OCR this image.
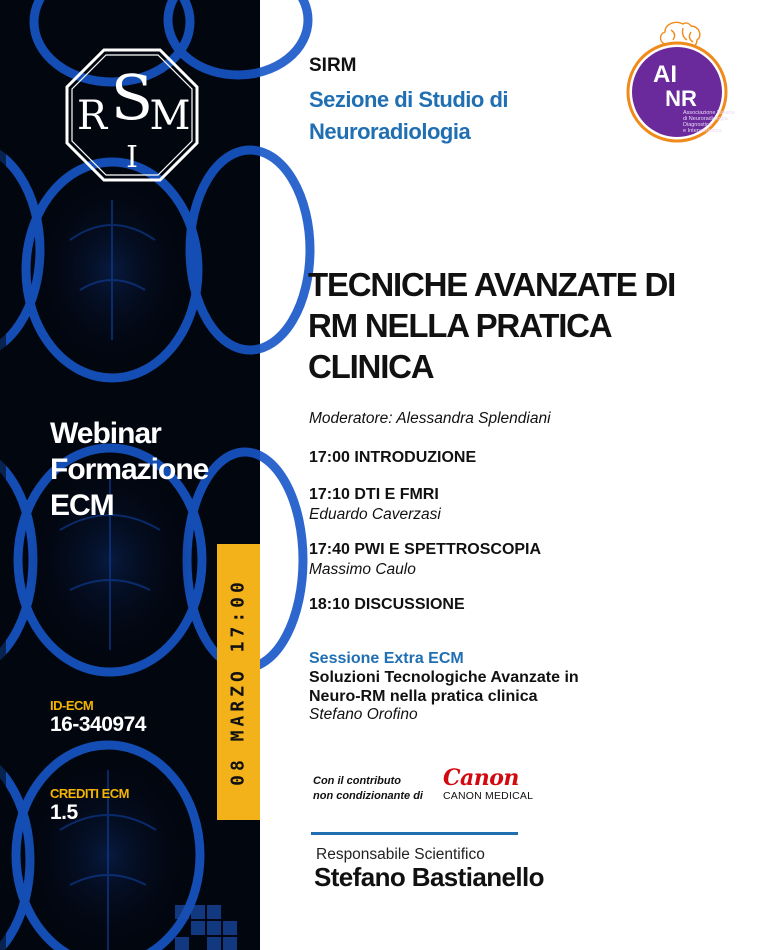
R S
I
M
Webinar
Formazione
ECM
ID-ECM
16-340974
CREDITI ECM
1.5
08 MARZO 17:00
SIRM
Sezione di Studio di
Neuroradiologia
AI
NR
Associazione Italiana
di Neuroradiologia
Diagnostica
e Interventistica
TECNICHE AVANZATE DI
RM NELLA PRATICA
CLINICA
Moderatore: Alessandra Splendiani
17:00 INTRODUZIONE
17:10 DTI E FMRI
Eduardo Caverzasi
17:40 PWI E SPETTROSCOPIA
Massimo Caulo
18:10 DISCUSSIONE
Sessione Extra ECM
Soluzioni Tecnologiche Avanzate in
Neuro-RM nella pratica clinica
Stefano Orofino
Con il contributo
non condizionante di
Canon
CANON MEDICAL
Responsabile Scientifico
Stefano Bastianello
